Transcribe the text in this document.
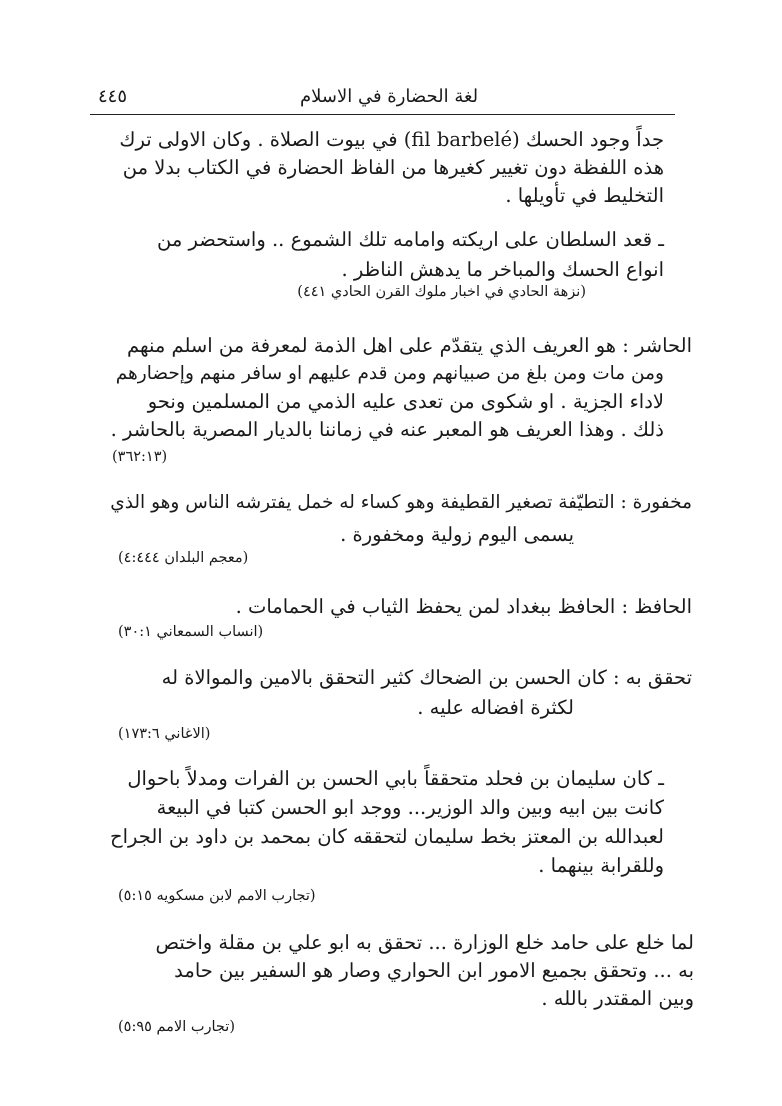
٤٤٥	لغة الحضارة في الاسلام
جداً وجود الحسك (fil barbelé) في بيوت الصلاة . وكان الاولى ترك
هذه اللفظة دون تغيير كغيرها من الفاظ الحضارة في الكتاب بدلا من
التخليط في تأويلها .
ـ قعد السلطان على اريكته وامامه تلك الشموع .. واستحضر من
انواع الحسك والمباخر ما يدهش الناظر .
(نزهة الحادي في اخبار ملوك القرن الحادي ٤٤١)
الحاشر : هو العريف الذي يتقدّم على اهل الذمة لمعرفة من اسلم منهم
ومن مات ومن بلغ من صبيانهم ومن قدم عليهم او سافر منهم وإحضارهم
لاداء الجزية . او شكوى من تعدى عليه الذمي من المسلمين ونحو
ذلك . وهذا العريف هو المعبر عنه في زماننا بالديار المصرية بالحاشر .
(٣٦٢:١٣)
مخفورة : التطيّفة تصغير القطيفة وهو كساء له خمل يفترشه الناس وهو الذي
يسمى اليوم زولية ومخفورة .
(معجم البلدان ٤:٤٤٤)
الحافظ : الحافظ ببغداد لمن يحفظ الثياب في الحمامات .
(انساب السمعاني ٣٠:١)
تحقق به : كان الحسن بن الضحاك كثير التحقق بالامين والموالاة له
لكثرة افضاله عليه .
(الاغاني ١٧٣:٦)
ـ كان سليمان بن فحلد متحققاً بابي الحسن بن الفرات ومدلاً باحوال
كانت بين ابيه وبين والد الوزير... ووجد ابو الحسن كتبا في البيعة
لعبدالله بن المعتز بخط سليمان لتحققه كان بمحمد بن داود بن الجراح
وللقرابة بينهما .
(تجارب الامم لابن مسكويه ٥:١٥)
لما خلع على حامد خلع الوزارة ... تحقق به ابو علي بن مقلة واختص
به ... وتحقق بجميع الامور ابن الحواري وصار هو السفير بين حامد
وبين المقتدر بالله .
(تجارب الامم ٥:٩٥)
